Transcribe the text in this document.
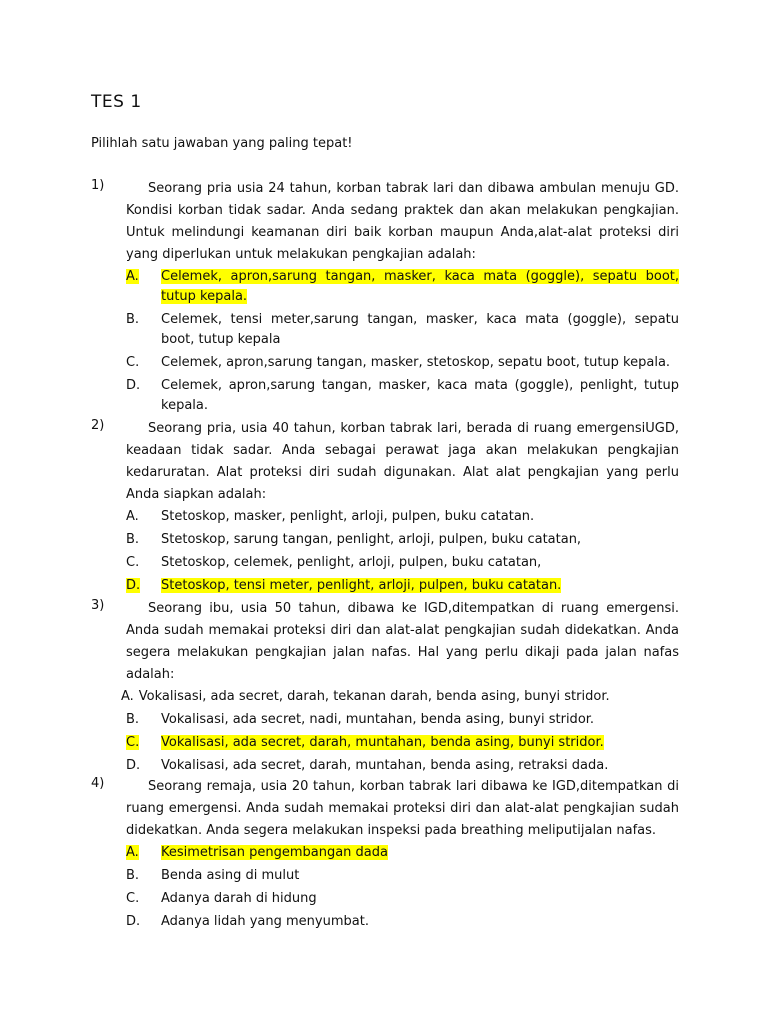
TES 1
Pilihlah satu jawaban yang paling tepat!
1)	Seorang pria usia 24 tahun, korban tabrak lari dan dibawa ambulan menuju GD. Kondisi korban tidak sadar. Anda sedang praktek dan akan melakukan pengkajian. Untuk melindungi keamanan diri baik korban maupun Anda,alat-alat proteksi diri yang diperlukan untuk melakukan pengkajian adalah:
A.	Celemek, apron,sarung tangan, masker, kaca mata (goggle), sepatu boot, tutup kepala.
B.	Celemek, tensi meter,sarung tangan, masker, kaca mata (goggle), sepatu boot, tutup kepala
C.	Celemek, apron,sarung tangan, masker, stetoskop, sepatu boot, tutup kepala.
D.	Celemek, apron,sarung tangan, masker, kaca mata (goggle), penlight, tutup kepala.
2)	Seorang pria, usia 40 tahun, korban tabrak lari, berada di ruang emergensiUGD, keadaan tidak sadar. Anda sebagai perawat jaga akan melakukan pengkajian kedaruratan. Alat proteksi diri sudah digunakan. Alat alat pengkajian yang perlu Anda siapkan adalah:
A.	Stetoskop, masker, penlight, arloji, pulpen, buku catatan.
B.	Stetoskop, sarung tangan, penlight, arloji, pulpen, buku catatan,
C.	Stetoskop, celemek, penlight, arloji, pulpen, buku catatan,
D.	Stetoskop, tensi meter, penlight, arloji, pulpen, buku catatan.
3)	Seorang ibu, usia 50 tahun, dibawa ke IGD,ditempatkan di ruang emergensi. Anda sudah memakai proteksi diri dan alat-alat pengkajian sudah didekatkan. Anda segera melakukan pengkajian jalan nafas. Hal yang perlu dikaji pada jalan nafas adalah:
A. Vokalisasi, ada secret, darah, tekanan darah, benda asing, bunyi stridor.
B.	Vokalisasi, ada secret, nadi, muntahan, benda asing, bunyi stridor.
C.	Vokalisasi, ada secret, darah, muntahan, benda asing, bunyi stridor.
D.	Vokalisasi, ada secret, darah, muntahan, benda asing, retraksi dada.
4)	Seorang remaja, usia 20 tahun, korban tabrak lari dibawa ke IGD,ditempatkan di ruang emergensi. Anda sudah memakai proteksi diri dan alat-alat pengkajian sudah didekatkan. Anda segera melakukan inspeksi pada breathing meliputijalan nafas.
A.	Kesimetrisan pengembangan dada
B.	Benda asing di mulut
C.	Adanya darah di hidung
D.	Adanya lidah yang menyumbat.
